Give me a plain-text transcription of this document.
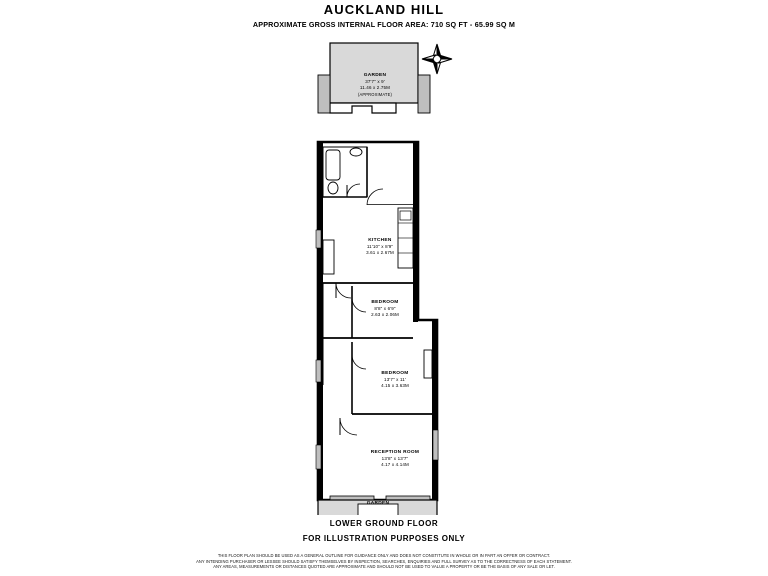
AUCKLAND HILL
APPROXIMATE GROSS INTERNAL FLOOR AREA: 710 SQ FT - 65.99 SQ M
GARDEN
37'7" x 9'
11.46 x 2.75M
(APPROXIMATE)
KITCHEN
11'10" x 8'9"
3.61 x 2.67M
BEDROOM
8'8" x 6'9"
2.63 x 2.06M
BEDROOM
13'7" x 11'
4.15 x 3.63M
RECEPTION ROOM
13'8" x 13'7"
4.17 x 4.14M
GARDEN
LOWER GROUND FLOOR
FOR ILLUSTRATION PURPOSES ONLY
THIS FLOOR PLAN SHOULD BE USED AS A GENERAL OUTLINE FOR GUIDANCE ONLY AND DOES NOT CONSTITUTE IN WHOLE OR IN PART AN OFFER OR CONTRACT.
ANY INTENDING PURCHASER OR LESSEE SHOULD SATISFY THEMSELVES BY INSPECTION, SEARCHES, ENQUIRIES AND FULL SURVEY AS TO THE CORRECTNESS OF EACH STATEMENT.
ANY AREAS, MEASUREMENTS OR DISTANCES QUOTED ARE APPROXIMATE AND SHOULD NOT BE USED TO VALUE A PROPERTY OR BE THE BASIS OF ANY SALE OR LET.
